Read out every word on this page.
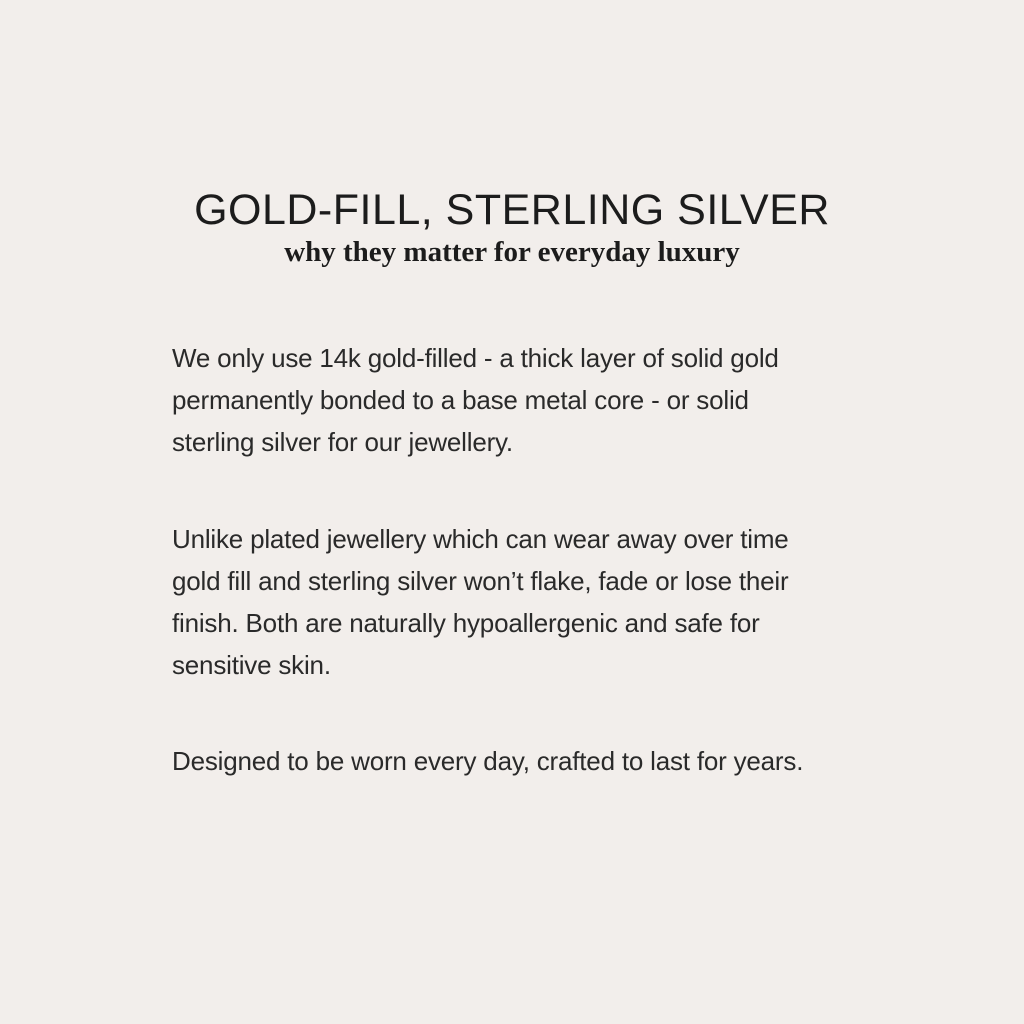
GOLD-FILL, STERLING SILVER
why they matter for everyday luxury

We only use 14k gold-filled - a thick layer of solid gold
permanently bonded to a base metal core - or solid
sterling silver for our jewellery.

Unlike plated jewellery which can wear away over time
gold fill and sterling silver won’t flake, fade or lose their
finish. Both are naturally hypoallergenic and safe for
sensitive skin.

Designed to be worn every day, crafted to last for years.
